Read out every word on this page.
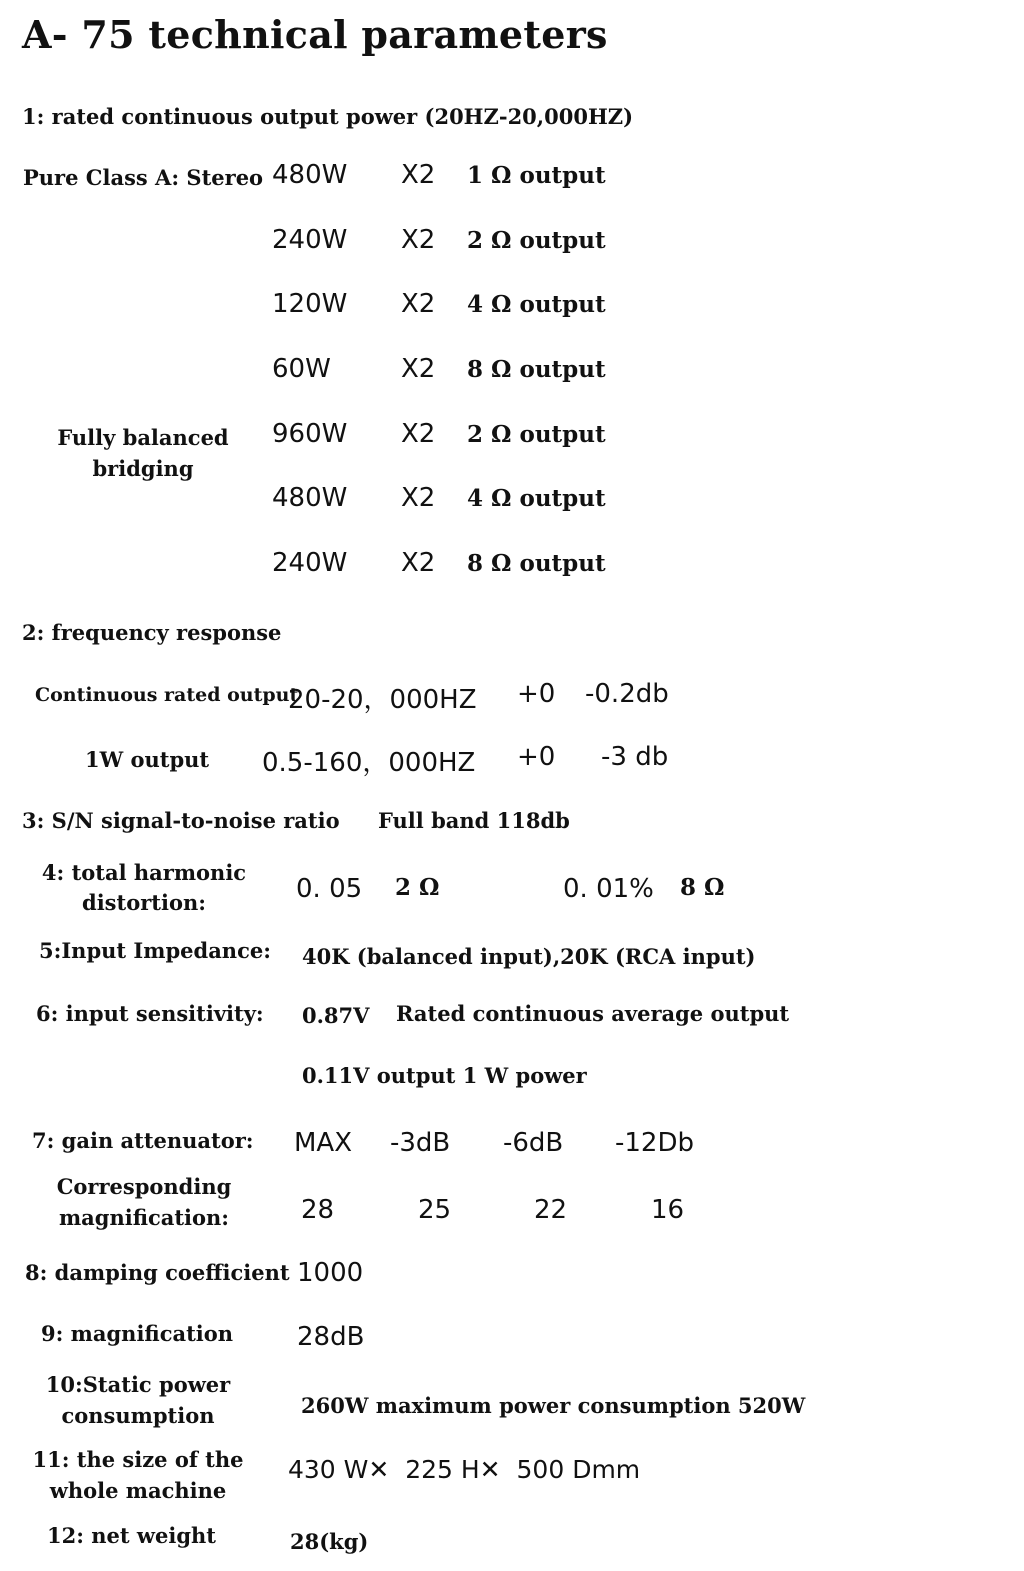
A- 75 technical parameters
1: rated continuous output power (20HZ-20,000HZ)
Pure Class A: Stereo
Fully balanced
bridging
480W X2 1 Ω output
240W X2 2 Ω output
120W X2 4 Ω output
60W	X2 8 Ω output
960W X2 2 Ω output
480W X2 4 Ω output
240W X2 8 Ω output
2: frequency response
Continuous rated output
20-20，000HZ +0 -0.2db
1W output 0.5-160，000HZ +0 -3 db
3: S/N signal-to-noise ratio Full band 118db
4: total harmonic
distortion:	0. 05 2 Ω	0. 01% 8 Ω
5:Input Impedance: 40K (balanced input),20K (RCA input)
6: input sensitivity: 0.87V Rated continuous average output
0.11V output 1 W power
7: gain attenuator: MAX -3dB -6dB -12Db
Corresponding
magnification:	28	25	22	16
8: damping coefficient 1000
9: magnification 28dB
10:Static power
consumption	260W maximum power consumption 520W
11: the size of the
whole machine
430 W✕  225 H✕  500 Dmm
12: net weight	28(kg)
